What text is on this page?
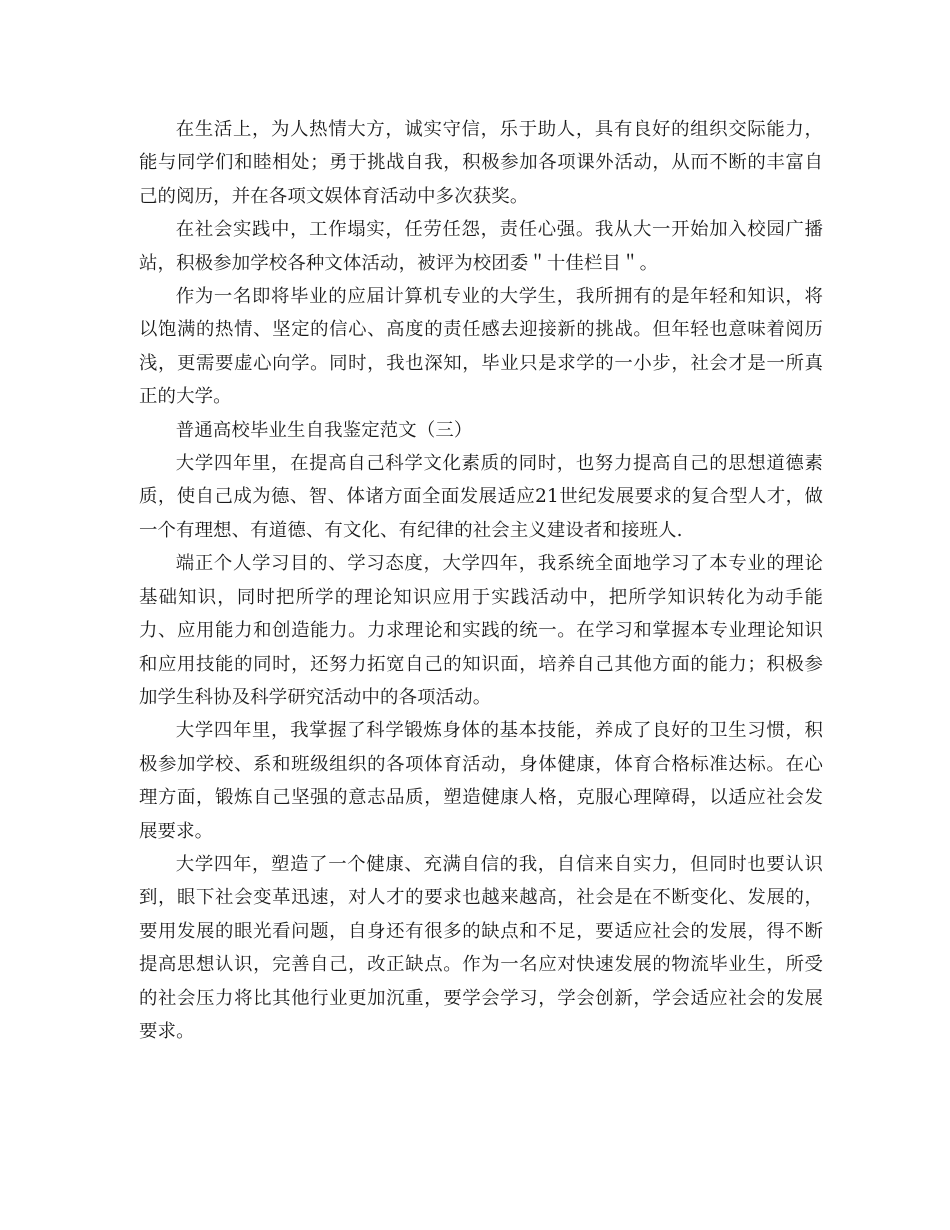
在生活上，为人热情大方，诚实守信，乐于助人，具有良好的组织交际能力，能与同学们和睦相处；勇于挑战自我，积极参加各项课外活动，从而不断的丰富自己的阅历，并在各项文娱体育活动中多次获奖。

在社会实践中，工作塌实，任劳任怨，责任心强。我从大一开始加入校园广播站，积极参加学校各种文体活动，被评为校团委＂十佳栏目＂。

作为一名即将毕业的应届计算机专业的大学生，我所拥有的是年轻和知识，将以饱满的热情、坚定的信心、高度的责任感去迎接新的挑战。但年轻也意味着阅历浅，更需要虚心向学。同时，我也深知，毕业只是求学的一小步，社会才是一所真正的大学。

普通高校毕业生自我鉴定范文（三）

大学四年里，在提高自己科学文化素质的同时，也努力提高自己的思想道德素质，使自己成为德、智、体诸方面全面发展适应21世纪发展要求的复合型人才，做一个有理想、有道德、有文化、有纪律的社会主义建设者和接班人.

端正个人学习目的、学习态度，大学四年，我系统全面地学习了本专业的理论基础知识，同时把所学的理论知识应用于实践活动中，把所学知识转化为动手能力、应用能力和创造能力。力求理论和实践的统一。在学习和掌握本专业理论知识和应用技能的同时，还努力拓宽自己的知识面，培养自己其他方面的能力；积极参加学生科协及科学研究活动中的各项活动。

大学四年里，我掌握了科学锻炼身体的基本技能，养成了良好的卫生习惯，积极参加学校、系和班级组织的各项体育活动，身体健康，体育合格标准达标。在心理方面，锻炼自己坚强的意志品质，塑造健康人格，克服心理障碍，以适应社会发展要求。

大学四年，塑造了一个健康、充满自信的我，自信来自实力，但同时也要认识到，眼下社会变革迅速，对人才的要求也越来越高，社会是在不断变化、发展的，要用发展的眼光看问题，自身还有很多的缺点和不足，要适应社会的发展，得不断提高思想认识，完善自己，改正缺点。作为一名应对快速发展的物流毕业生，所受的社会压力将比其他行业更加沉重，要学会学习，学会创新，学会适应社会的发展要求。
